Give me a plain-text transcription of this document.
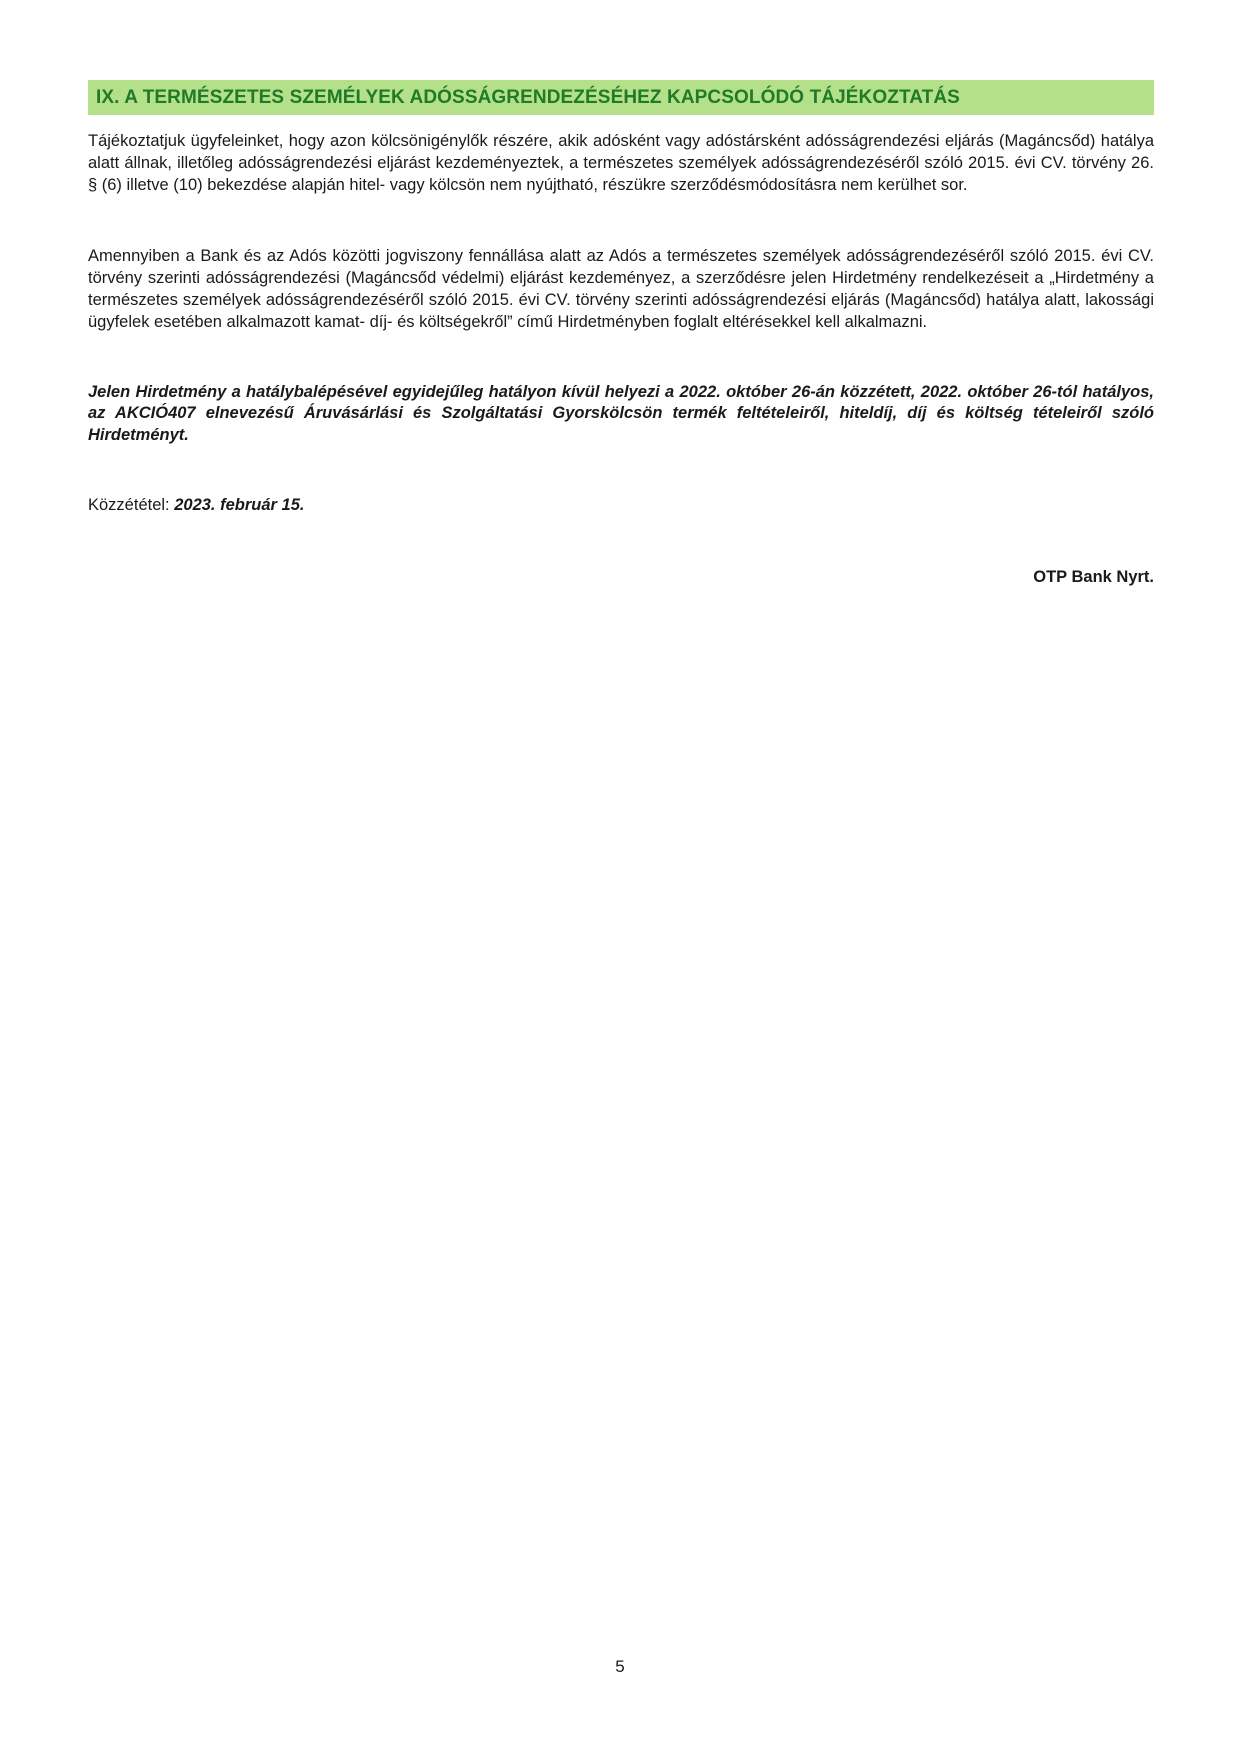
IX. A TERMÉSZETES SZEMÉLYEK ADÓSSÁGRENDEZÉSÉHEZ KAPCSOLÓDÓ TÁJÉKOZTATÁS

Tájékoztatjuk ügyfeleinket, hogy azon kölcsönigénylők részére, akik adósként vagy adóstársként adósságrendezési eljárás (Magáncsőd) hatálya alatt állnak, illetőleg adósságrendezési eljárást kezdeményeztek, a természetes személyek adósságrendezéséről szóló 2015. évi CV. törvény 26. § (6) illetve (10) bekezdése alapján hitel- vagy kölcsön nem nyújtható, részükre szerződésmódosításra nem kerülhet sor.

Amennyiben a Bank és az Adós közötti jogviszony fennállása alatt az Adós a természetes személyek adósságrendezéséről szóló 2015. évi CV. törvény szerinti adósságrendezési (Magáncsőd védelmi) eljárást kezdeményez, a szerződésre jelen Hirdetmény rendelkezéseit a „Hirdetmény a természetes személyek adósságrendezéséről szóló 2015. évi CV. törvény szerinti adósságrendezési eljárás (Magáncsőd) hatálya alatt, lakossági ügyfelek esetében alkalmazott kamat- díj- és költségekről” című Hirdetményben foglalt eltérésekkel kell alkalmazni.

Jelen Hirdetmény a hatálybalépésével egyidejűleg hatályon kívül helyezi a 2022. október 26-án közzétett, 2022. október 26-tól hatályos, az AKCIÓ407 elnevezésű Áruvásárlási és Szolgáltatási Gyorskölcsön termék feltételeiről, hiteldíj, díj és költség tételeiről szóló Hirdetményt.

Közzététel: 2023. február 15.
OTP Bank Nyrt.
5
